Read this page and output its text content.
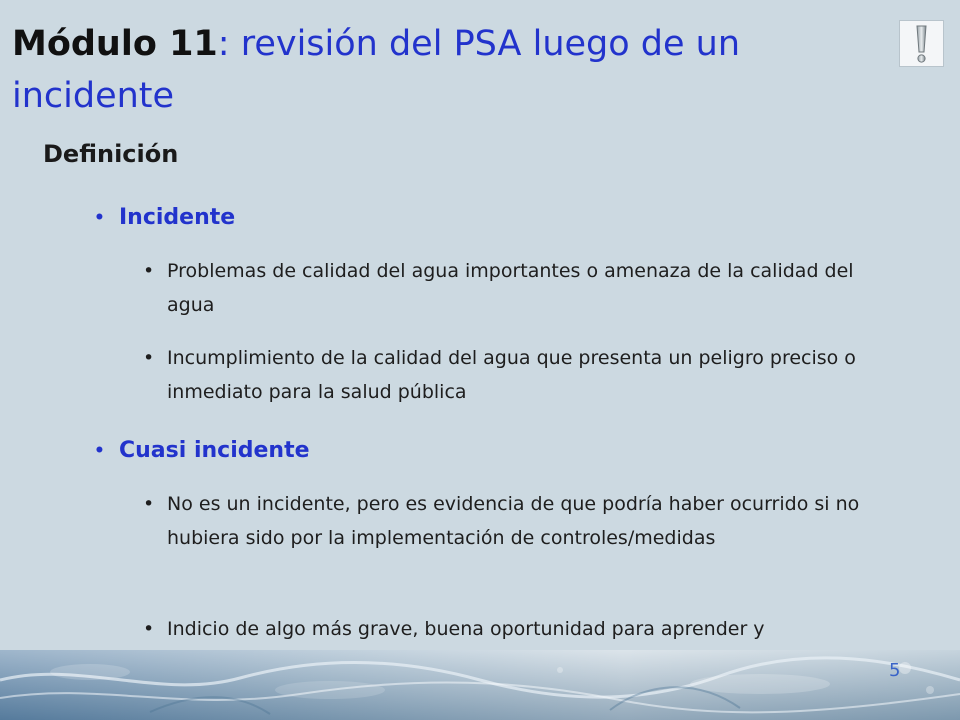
Módulo 11: revisión del PSA luego de un incidente
Definición
• Incidente
• Problemas de calidad del agua importantes o amenaza de la calidad del agua
• Incumplimiento de la calidad del agua que presenta un peligro preciso o inmediato para la salud pública
• Cuasi incidente
• No es un incidente, pero es evidencia de que podría haber ocurrido si no hubiera sido por la implementación de controles/medidas
• Indicio de algo más grave, buena oportunidad para aprender y
5
